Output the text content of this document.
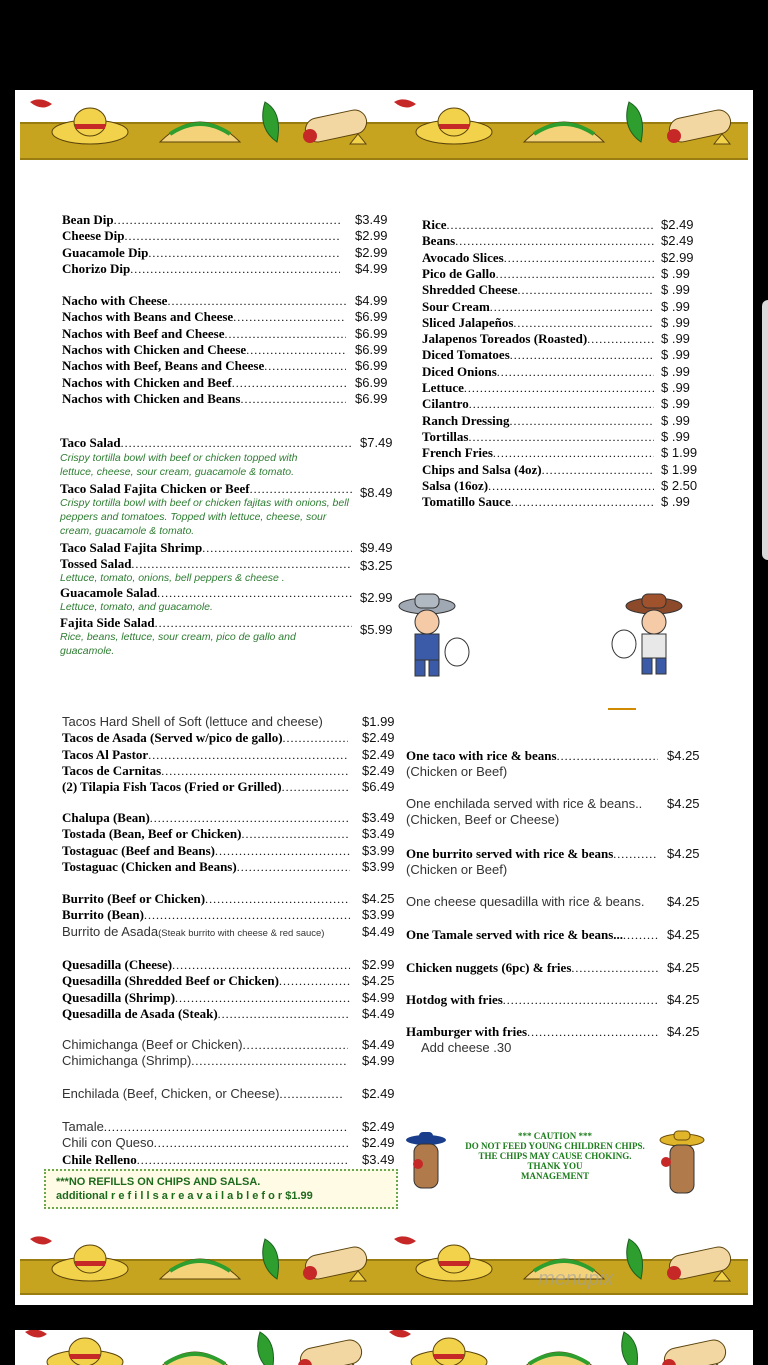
Bean Dip .....	$3.49
Cheese Dip .....	$2.99
Guacamole Dip .....	$2.99
Chorizo Dip .....	$4.99
Nacho with Cheese .....	$4.99
Nachos with Beans and Cheese .....	$6.99
Nachos with Beef and Cheese .....	$6.99
Nachos with Chicken and Cheese .....	$6.99
Nachos with Beef, Beans and Cheese .....	$6.99
Nachos with Chicken and Beef .....	$6.99
Nachos with Chicken and Beans .....	$6.99
Rice .....	$2.49
Beans .....	$2.49
Avocado Slices .....	$2.99
Pico de Gallo .....	$ .99
Shredded Cheese .....	$ .99
Sour Cream .....	$ .99
Sliced Jalapeños .....	$ .99
Jalapenos Toreados (Roasted) .....	$ .99
Diced Tomatoes .....	$ .99
Diced Onions .....	$ .99
Lettuce .....	$ .99
Cilantro .....	$ .99
Ranch Dressing .....	$ .99
Tortillas .....	$ .99
French Fries .....	$ 1.99
Chips and Salsa (4oz) .....	$ 1.99
Salsa (16oz) .....	$ 2.50
Tomatillo Sauce .....	$ .99
Taco Salad .....	$7.49
Crispy tortilla bowl with beef or chicken topped with lettuce, cheese, sour cream, guacamole & tomato.
Taco Salad Fajita Chicken or Beef .....	$8.49
Crispy tortilla bowl with beef or chicken fajitas with onions, bell peppers and tomatoes. Topped with lettuce, cheese, sour cream, guacamole & tomato.
Taco Salad Fajita Shrimp .....	$9.49
Tossed Salad .....	$3.25
Lettuce, tomato, onions, bell peppers & cheese .
Guacamole Salad .....	$2.99
Lettuce, tomato, and guacamole.
Fajita Side Salad .....	$5.99
Rice, beans, lettuce, sour cream, pico de gallo and guacamole.
Tacos Hard Shell of Soft (lettuce and cheese)	$1.99
Tacos de Asada (Served w/pico de gallo) .....	$2.49
Tacos Al Pastor .....	$2.49
Tacos de Carnitas .....	$2.49
(2) Tilapia Fish Tacos (Fried or Grilled) .....	$6.49
Chalupa (Bean) .....	$3.49
Tostada (Bean, Beef or Chicken) .....	$3.49
Tostaguac (Beef and Beans) .....	$3.99
Tostaguac (Chicken and Beans) .....	$3.99
Burrito (Beef or Chicken) .....	$4.25
Burrito (Bean) .....	$3.99
Burrito de Asada (Steak burrito with cheese & red sauce)	$4.49
Quesadilla (Cheese) .....	$2.99
Quesadilla (Shredded Beef or Chicken) .....	$4.25
Quesadilla (Shrimp) .....	$4.99
Quesadilla de Asada (Steak) .....	$4.49
Chimichanga (Beef or Chicken) .....	$4.49
Chimichanga (Shrimp) .....	$4.99
Enchilada (Beef, Chicken, or Cheese) .....	$2.49
Tamale .....	$2.49
Chili con Queso .....	$2.49
Chile Relleno .....	$3.49
One taco with rice & beans .....	$4.25
(Chicken or Beef)
One enchilada served with rice & beans.. $4.25
(Chicken, Beef or Cheese)
One burrito served with rice & beans .....	$4.25
(Chicken or Beef)
One cheese quesadilla with rice & beans. $4.25
One Tamale served with rice & beans... .....	$4.25
Chicken nuggets (6pc) & fries .....	$4.25
Hotdog with fries .....	$4.25
Hamburger with fries .....	$4.25
Add cheese .30
*** CAUTION ***
DO NOT FEED YOUNG CHILDREN CHIPS.
THE CHIPS MAY CAUSE CHOKING.
THANK YOU
MANAGEMENT
***NO REFILLS ON CHIPS AND SALSA.
additional r e f i l l s a r e a v a i l a b l e f o r $1.99
menupix
